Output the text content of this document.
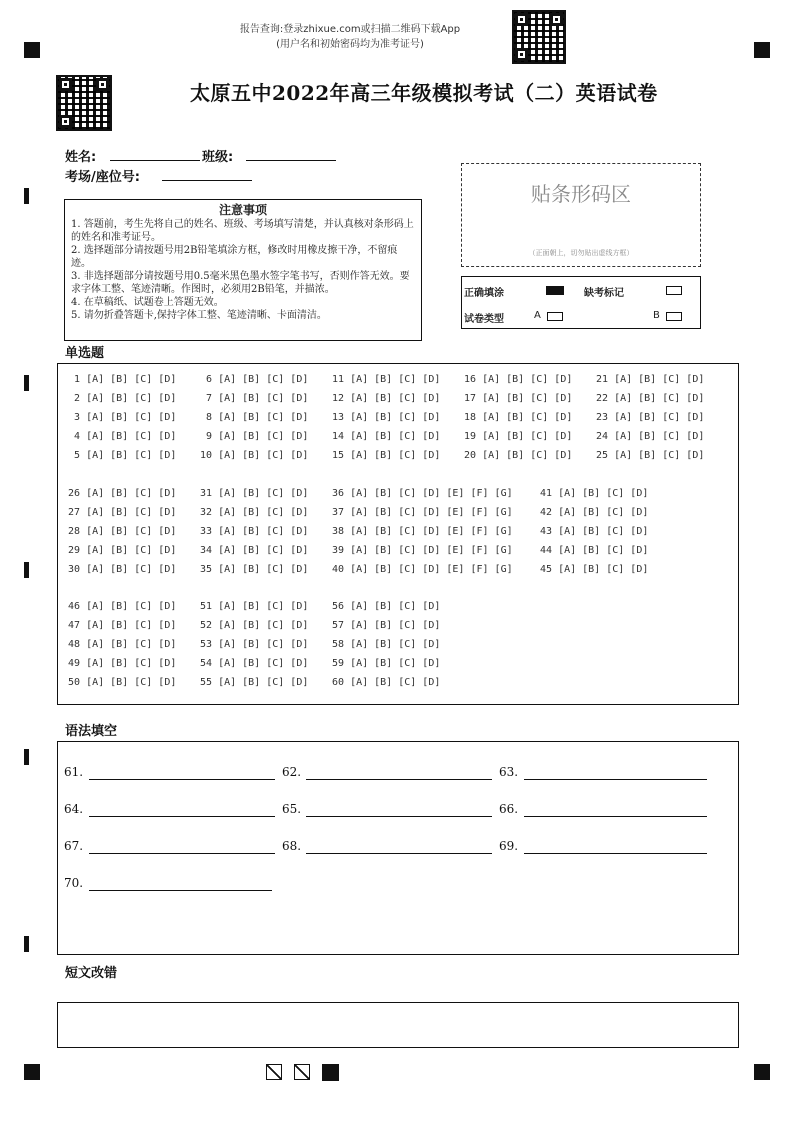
报告查询:登录zhixue.com或扫描二维码下载App
(用户名和初始密码均为准考证号)
太原五中2022年高三年级模拟考试（二）英语试卷
姓名:	班级:
考场/座位号:
注意事项
1. 答题前，考生先将自己的姓名、班级、考场填写清楚，并认真核对条形码上的姓名和准考证号。
2. 选择题部分请按题号用2B铅笔填涂方框，修改时用橡皮擦干净，不留痕迹。
3. 非选择题部分请按题号用0.5毫米黑色墨水签字笔书写，否则作答无效。要求字体工整、笔迹清晰。作图时，必须用2B铅笔，并描浓。
4. 在草稿纸、试题卷上答题无效。
5. 请勿折叠答题卡,保持字体工整、笔迹清晰、卡面清洁。
贴条形码区
（正面朝上，切勿贴出虚线方框）
正确填涂	缺考标记
试卷类型	A	B
单选题
1 [A] [B] [C] [D]
2 [A] [B] [C] [D]
3 [A] [B] [C] [D]
4 [A] [B] [C] [D]
5 [A] [B] [C] [D]
6 [A] [B] [C] [D]
7 [A] [B] [C] [D]
8 [A] [B] [C] [D]
9 [A] [B] [C] [D]
10 [A] [B] [C] [D]
11 [A] [B] [C] [D]
12 [A] [B] [C] [D]
13 [A] [B] [C] [D]
14 [A] [B] [C] [D]
15 [A] [B] [C] [D]
16 [A] [B] [C] [D]
17 [A] [B] [C] [D]
18 [A] [B] [C] [D]
19 [A] [B] [C] [D]
20 [A] [B] [C] [D]
21 [A] [B] [C] [D]
22 [A] [B] [C] [D]
23 [A] [B] [C] [D]
24 [A] [B] [C] [D]
25 [A] [B] [C] [D]
26 [A] [B] [C] [D]
27 [A] [B] [C] [D]
28 [A] [B] [C] [D]
29 [A] [B] [C] [D]
30 [A] [B] [C] [D]
31 [A] [B] [C] [D]
32 [A] [B] [C] [D]
33 [A] [B] [C] [D]
34 [A] [B] [C] [D]
35 [A] [B] [C] [D]
36 [A] [B] [C] [D] [E] [F] [G]
37 [A] [B] [C] [D] [E] [F] [G]
38 [A] [B] [C] [D] [E] [F] [G]
39 [A] [B] [C] [D] [E] [F] [G]
40 [A] [B] [C] [D] [E] [F] [G]
41 [A] [B] [C] [D]
42 [A] [B] [C] [D]
43 [A] [B] [C] [D]
44 [A] [B] [C] [D]
45 [A] [B] [C] [D]
46 [A] [B] [C] [D]
47 [A] [B] [C] [D]
48 [A] [B] [C] [D]
49 [A] [B] [C] [D]
50 [A] [B] [C] [D]
51 [A] [B] [C] [D]
52 [A] [B] [C] [D]
53 [A] [B] [C] [D]
54 [A] [B] [C] [D]
55 [A] [B] [C] [D]
56 [A] [B] [C] [D]
57 [A] [B] [C] [D]
58 [A] [B] [C] [D]
59 [A] [B] [C] [D]
60 [A] [B] [C] [D]
语法填空
61.	62.	63.
64.	65.	66.
67.	68.	69.
70.
短文改错
